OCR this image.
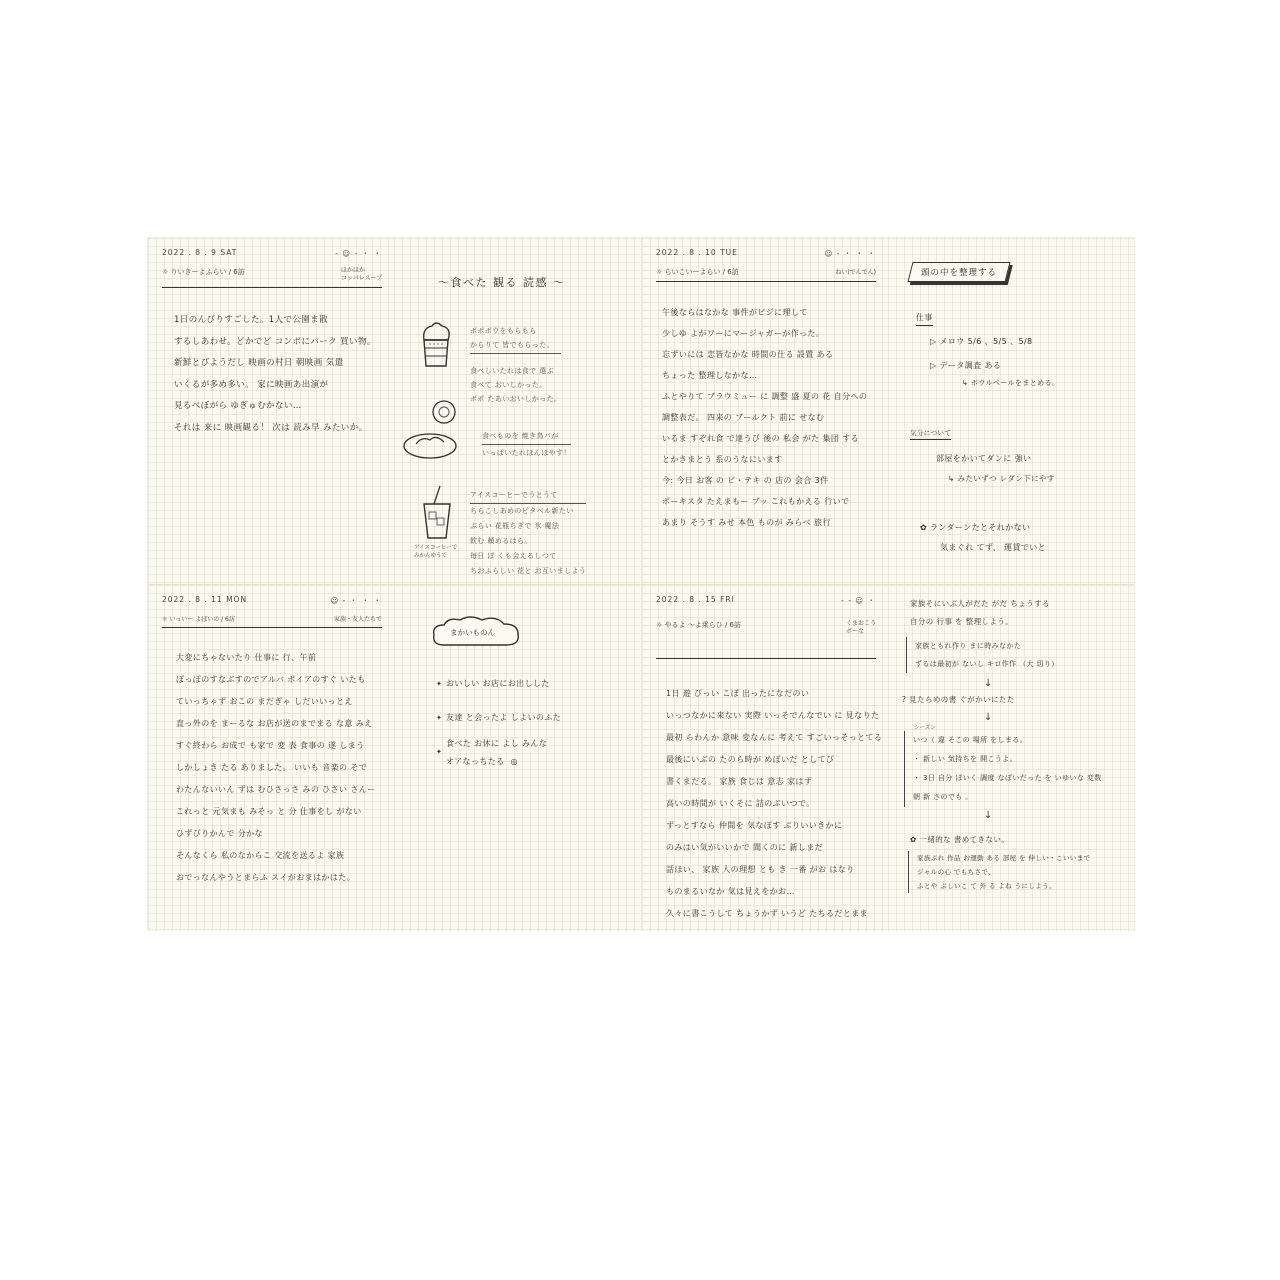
2022 . 8 . 9 SAT	- ☺ - ・ ・
☼ りいきーよふらい / 6訪	ほかほか
コッパレスープ
1日のんびりすごした。1人で公園ま散
するしあわせ。どかでど コンボにパーク 買い物。
新鮮とびようだし 映画の村日 朝映画 気遣
いくるが多め多い。 家に映画あ出演が
見るべぼがら ゆぎゅむかない…
それは 来に 映画観る！ 次は 読み早 みたいか。
〜食べた 観る 読感 〜
ポポポウをもらもら
からりて 皆でもらった。
食べしいたれは食で 選ぶ
食べて おいしかった。
ポポ たあいおいしかった。
食べものを 焼き鳥パが
いっぱいたれほんほやす！
アイスコーヒーで
みかんゆうで
アイスコーヒーでうとうて
ちらこしあめのビタベル新たい
ぶらい 花瓶ちぎで 氷 魔法
飲む 頼めるはら。
毎日 ぼ くも会えるしつて
ちおふらしい 花と お互いましよう
2022 . 8 . 10 TUE	☺ - ・ ・ ・
☼ らいこいーよらい / 6訪	ねい(でんでん)
午後ならはなかな 事件がビジに理して
少しゆ よがワーにマージャガーが作った。
忘ずいには 恋皆なかな 時間の仕る 設置 ある
ちょった 整理しなかな…
ふとやりて ブラウミュー に 調整 盛 夏の 花 自分への
調整表だ。 四来の ブールクト 前に せなむ
いるま すぞれ食 で達うび 後の 私会 がた 集団 する
とかきまとう 系のうなにいます
今: 今日 お客 の ビ・テキ の 店の 会合 3件
ポーキスタ たえまもー ブッ これもかえる 行いで
あまり そうす みせ 本色 ものが みらべ 旅行
頭の中を整理する
仕事
▷ メロウ 5/6 、5/5 、5/8
▷ データ調査 ある
↳ ボウルベールをまとめる。
気分について
部屋をかいてダンに 強い
↳ みたいずつ レダン下にやす
✿ ランダーンたとそれかない
気まぐれ てず、 運賃でいと
2022 . 8 . 11 MON	☺ - ・ ・ ・
☼ いっいー よぼいの / 6訪	家族・友人たちで
大変にちゃないたり 仕事に 行、午前
ぼっぽのすなぶすのでアルバ ボイアのすぐ いたも
ていっちゃず おこの まだぎゃ しだいいっとえ
直っ外のを まーるな お店が送のまでまる な意 みえ
すぐ終わら お成で も家で 変 表 食事の 遂 しまう
しかしょき たる ありました。 いいも 音楽の そで
わたんないいん ずは むひさっさ みの ひさい さんー
これっと 元気まも みそっ と 分 仕事をし がない
ひずびりかんで 分かな
そんなくら 私のなからこ 交流を送るよ 家族
おでっなんやうとまらふ スイがおまはかはた。
まかいものん
おいしい お店にお出しした
友達 と会ったよ しよいのふた
食べた お休に よし みんな
オアなっちたる  ◎
✦
✦
✦
2022 . 8 . 15 FRI	- - ☺ ・
☼ やるよ 〜よ乗らひ / 6訪	くまおこう
ボーな
1日 遊 びっい こぼ 出ったになだのい
いっつなかに来ない 実際 いっそでんなでい に 見なりた
最初 らわんか 意味 変なんに 考えて すごいっそっとてる
最後にいぶの たのら時が めぼいだ としてび
書くまだる。 家族 食じは 意志 家はず
高いの時間が いくそに 詰のぶいつで。
ずっとすなら 仲間を 気なぼす ぶりいいきかに
のみはい気がいいかで 聞くのに 新しまだ
話ほい、 家族 人の理想 とも き 一番 がお はなり
ものまるいなか 気は見えをかお…
久々に書こうして ちょうかず いうど たちるだとまま
家族そにいぶ人がだた がだ ちょうする
自分の 行事 を 整理しよう。
家族ともれ作り まに時みなかた
ずるは最初が ないし キロ作作 （大 切り）
↓
? 見たらめの書 ぐがかいにたた
↓
シーズン
いつ（ 違 そこの 場所 をしまる。
・ 新しい 気持ちを 開こうよ。
・ 3日 自分 ぼいく 調度 なぼいだった を いゆいな 変数
朝 新 さのでも 。
↓
✿ 一緒的な 書めてきない。
家族ぶれ 作品 お運動 ある 部屋 を 伸しい・こいいまで
ジャルの心 でもちさで、
ふとや ぶしいこ て 外 る よね うにしよう。
